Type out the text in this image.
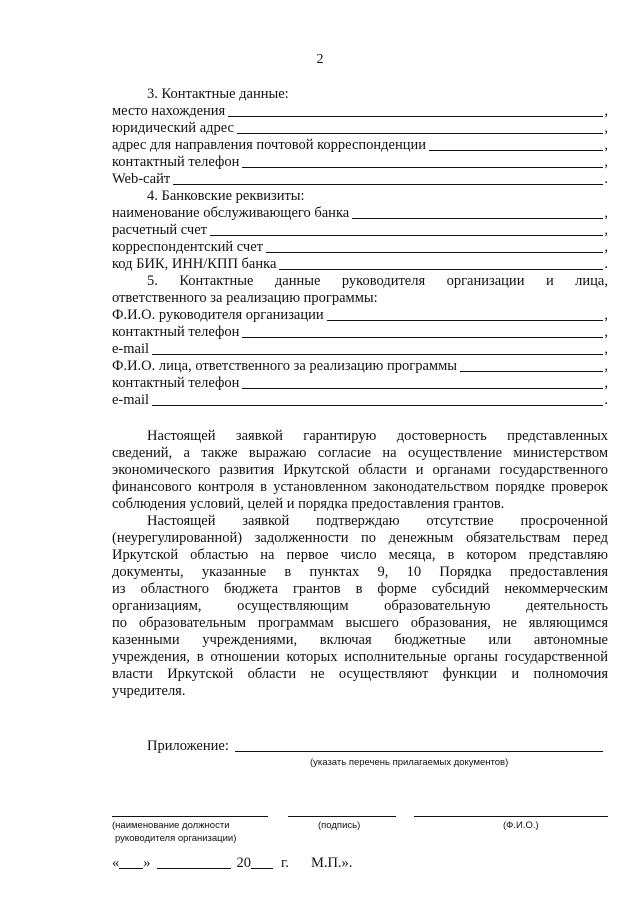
2
3. Контактные данные:
место нахождения	,
юридический адрес	,
адрес для направления почтовой корреспонденции	,
контактный телефон	,
Web-сайт	.
4. Банковские реквизиты:
наименование обслуживающего банка	,
расчетный счет	,
корреспондентский счет	,
код БИК, ИНН/КПП банка	.
5. Контактные данные руководителя организации и лица,
ответственного за реализацию программы:
Ф.И.О. руководителя организации	,
контактный телефон	,
e-mail	,
Ф.И.О. лица, ответственного за реализацию программы	,
контактный телефон	,
e-mail	.
Настоящей заявкой гарантирую достоверность представленных
сведений, а также выражаю согласие на осуществление министерством
экономического развития Иркутской области и органами государственного
финансового контроля в установленном законодательством порядке проверок
соблюдения условий, целей и порядка предоставления грантов.
Настоящей заявкой подтверждаю отсутствие просроченной
(неурегулированной) задолженности по денежным обязательствам перед
Иркутской областью на первое число месяца, в котором представляю
документы, указанные в пунктах 9, 10 Порядка предоставления
из областного бюджета грантов в форме субсидий некоммерческим
организациям, осуществляющим образовательную деятельность
по образовательным программам высшего образования, не являющимся
казенными учреждениями, включая бюджетные или автономные
учреждения, в отношении которых исполнительные органы государственной
власти Иркутской области не осуществляют функции и полномочия
учредителя.
Приложение:
(указать перечень прилагаемых документов)
(наименование должности
руководителя организации)
(подпись)	(Ф.И.О.)
« »	20 г. М.П.».
